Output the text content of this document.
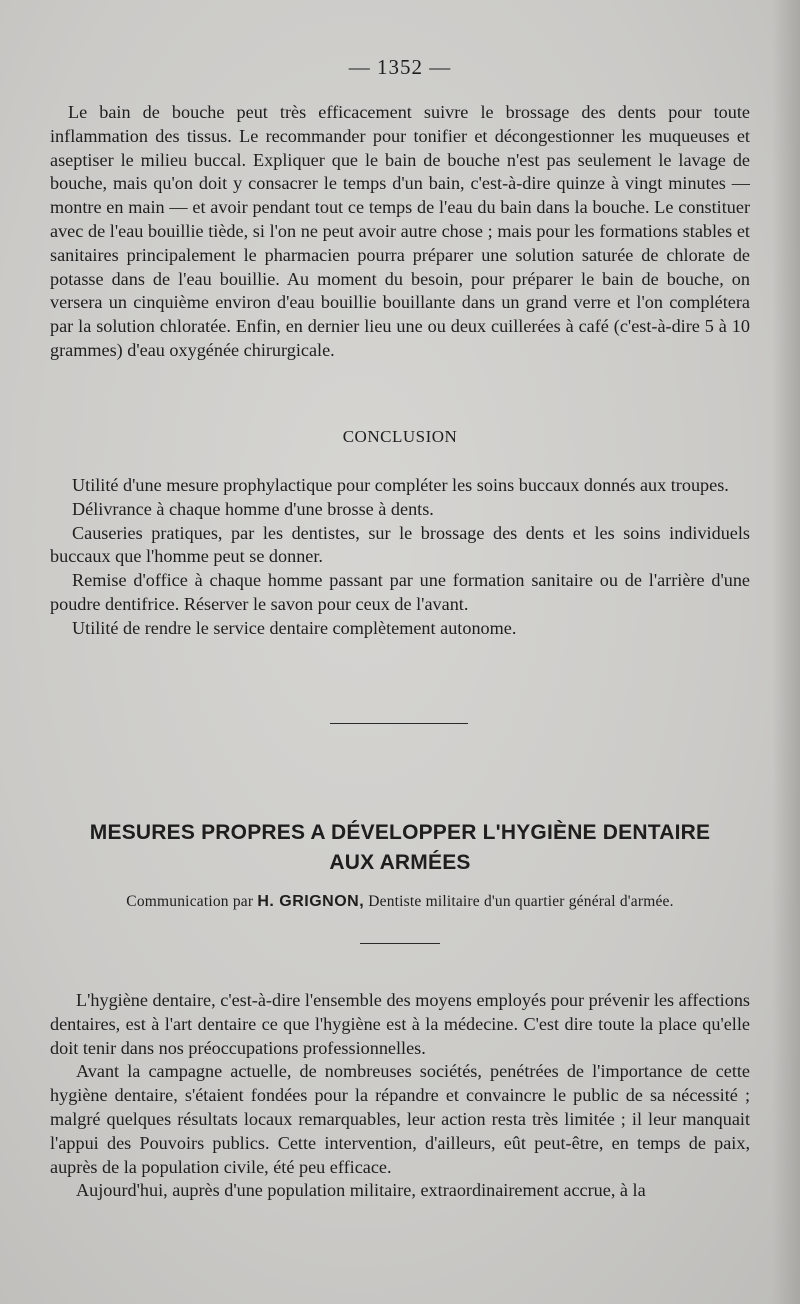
— 1352 —

Le bain de bouche peut très efficacement suivre le brossage des dents pour toute inflammation des tissus. Le recommander pour tonifier et décongestionner les muqueuses et aseptiser le milieu buccal. Expliquer que le bain de bouche n'est pas seulement le lavage de bouche, mais qu'on doit y consacrer le temps d'un bain, c'est-à-dire quinze à vingt minutes — montre en main — et avoir pendant tout ce temps de l'eau du bain dans la bouche. Le constituer avec de l'eau bouillie tiède, si l'on ne peut avoir autre chose ; mais pour les formations stables et sanitaires principalement le pharmacien pourra préparer une solution saturée de chlorate de potasse dans de l'eau bouillie. Au moment du besoin, pour préparer le bain de bouche, on versera un cinquième environ d'eau bouillie bouillante dans un grand verre et l'on complétera par la solution chloratée. Enfin, en dernier lieu une ou deux cuillerées à café (c'est-à-dire 5 à 10 grammes) d'eau oxygénée chirurgicale.

CONCLUSION

Utilité d'une mesure prophylactique pour compléter les soins buccaux donnés aux troupes.

Délivrance à chaque homme d'une brosse à dents.

Causeries pratiques, par les dentistes, sur le brossage des dents et les soins individuels buccaux que l'homme peut se donner.

Remise d'office à chaque homme passant par une formation sanitaire ou de l'arrière d'une poudre dentifrice. Réserver le savon pour ceux de l'avant.

Utilité de rendre le service dentaire complètement autonome.

MESURES PROPRES A DÉVELOPPER L'HYGIÈNE DENTAIRE
AUX ARMÉES
Communication par H. GRIGNON, Dentiste militaire d'un quartier général d'armée.

L'hygiène dentaire, c'est-à-dire l'ensemble des moyens employés pour prévenir les affections dentaires, est à l'art dentaire ce que l'hygiène est à la médecine. C'est dire toute la place qu'elle doit tenir dans nos préoccupations professionnelles.

Avant la campagne actuelle, de nombreuses sociétés, penétrées de l'importance de cette hygiène dentaire, s'étaient fondées pour la répandre et convaincre le public de sa nécessité ; malgré quelques résultats locaux remarquables, leur action resta très limitée ; il leur manquait l'appui des Pouvoirs publics. Cette intervention, d'ailleurs, eût peut-être, en temps de paix, auprès de la population civile, été peu efficace.

Aujourd'hui, auprès d'une population militaire, extraordinairement accrue, à la
